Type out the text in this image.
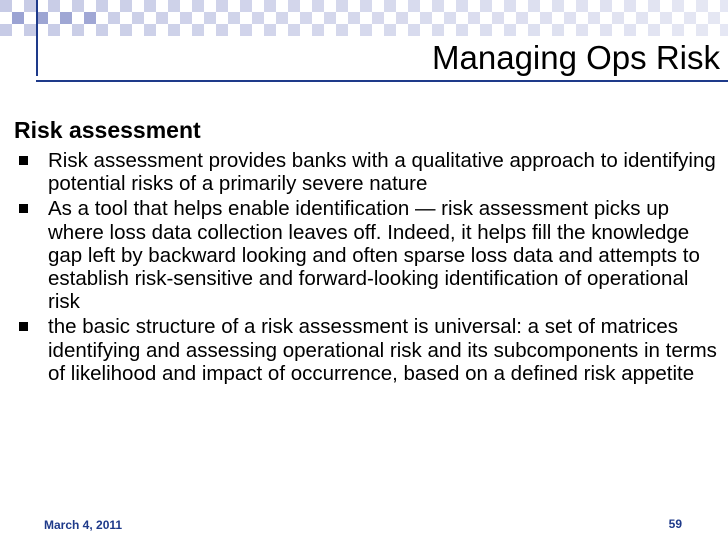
Managing Ops Risk
Risk assessment
Risk assessment provides banks with a qualitative approach to identifying potential risks of a primarily severe nature
As a tool that helps enable identification — risk assessment picks up where loss data collection leaves off. Indeed, it helps fill the knowledge gap left by backward looking and often sparse loss data and attempts to establish risk-sensitive and forward-looking identification of operational risk
the basic structure of a risk assessment is universal: a set of matrices identifying and assessing operational risk and its subcomponents in terms of likelihood and impact of occurrence, based on a defined risk appetite
March 4, 2011	59
